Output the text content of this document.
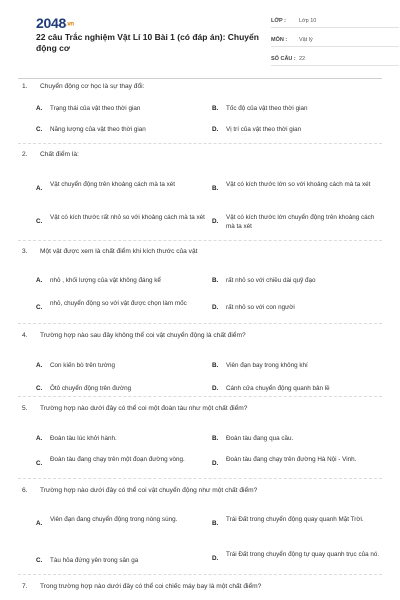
2048.vn
22 câu Trắc nghiệm Vật Lí 10 Bài 1 (có đáp án): Chuyển động cơ
LỚP :	Lớp 10
MÔN :	Vật lý
SỐ CÂU : 22
1. Chuyển động cơ học là sự thay đổi:
A. Trạng thái của vật theo thời gian	B. Tốc độ của vật theo thời gian
C. Năng lượng của vật theo thời gian	D. Vị trí của vật theo thời gian
2. Chất điểm là:
A.
Vật chuyển động trên khoảng cách mà ta xét
B.
Vật có kích thước lớn so với khoảng cách mà ta xét
C.
Vật có kích thước rất nhỏ so với khoảng cách mà ta xét
D.
Vật có kích thước lớn chuyển động trên khoảng cách mà ta xét
3. Một vật được xem là chất điểm khi kích thước của vật
A. nhỏ , khối lượng của vật không đáng kể	B. rất nhỏ so với chiều dài quỹ đạo
C.
nhỏ, chuyển động so với vật được chọn làm mốc
D. rất nhỏ so với con người
4. Trường hợp nào sau đây không thể coi vật chuyển động là chất điểm?
A. Con kiến bò trên tường	B. Viên đạn bay trong không khí
C. Ôtô chuyển động trên đường	D. Cánh cửa chuyển động quanh bản lề
5. Trường hợp nào dưới đây có thể coi một đoàn tàu như một chất điểm?
A. Đoàn tàu lúc khởi hành.	B. Đoàn tàu đang qua cầu.
C.
Đoàn tàu đang chạy trên một đoạn đường vòng.
D.
Đoàn tàu đang chạy trên đường Hà Nội - Vinh.
6. Trường hợp nào dưới đây có thể coi vật chuyển động như một chất điểm?
A.
Viên đạn đang chuyển động trong nòng súng.
B.
Trái Đất trong chuyển động quay quanh Mặt Trời.
C. Tàu hỏa đứng yên trong sân ga	D.
Trái Đất trong chuyển động tự quay quanh trục của nó.
7. Trong trường hợp nào dưới đây có thể coi chiếc máy bay là một chất điểm?
